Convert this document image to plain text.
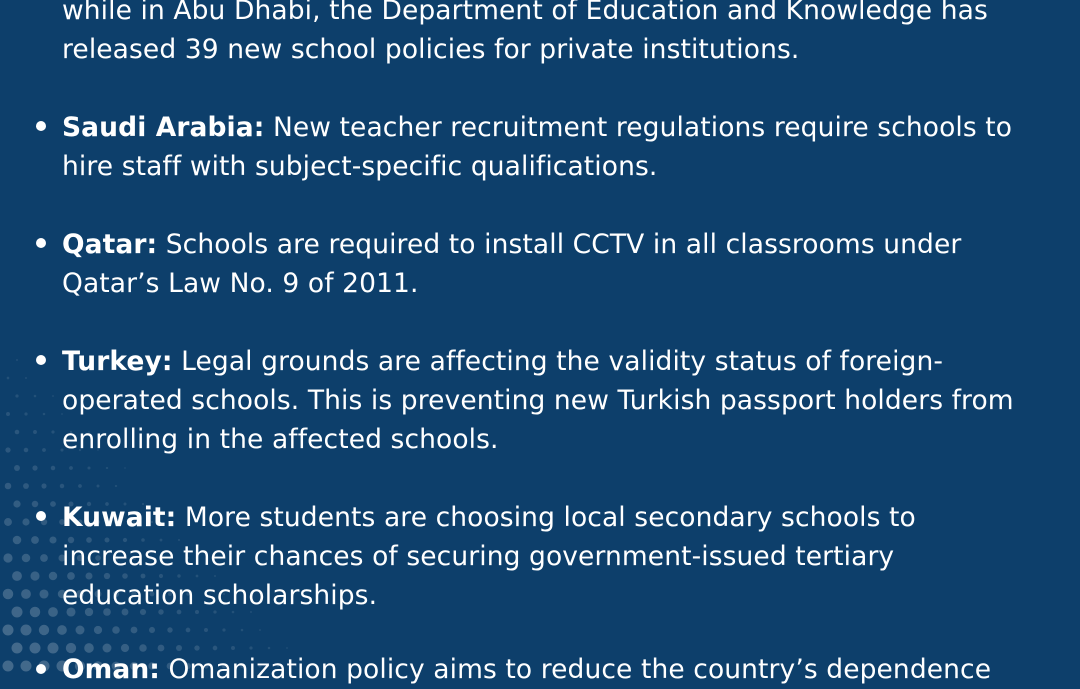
while in Abu Dhabi, the Department of Education and Knowledge has
released 39 new school policies for private institutions.
Saudi Arabia: New teacher recruitment regulations require schools to
hire staff with subject-specific qualifications.
Qatar: Schools are required to install CCTV in all classrooms under
Qatar’s Law No. 9 of 2011.
Turkey: Legal grounds are affecting the validity status of foreign-
operated schools. This is preventing new Turkish passport holders from
enrolling in the affected schools.
Kuwait: More students are choosing local secondary schools to
increase their chances of securing government-issued tertiary
education scholarships.
Oman: Omanization policy aims to reduce the country’s dependence
